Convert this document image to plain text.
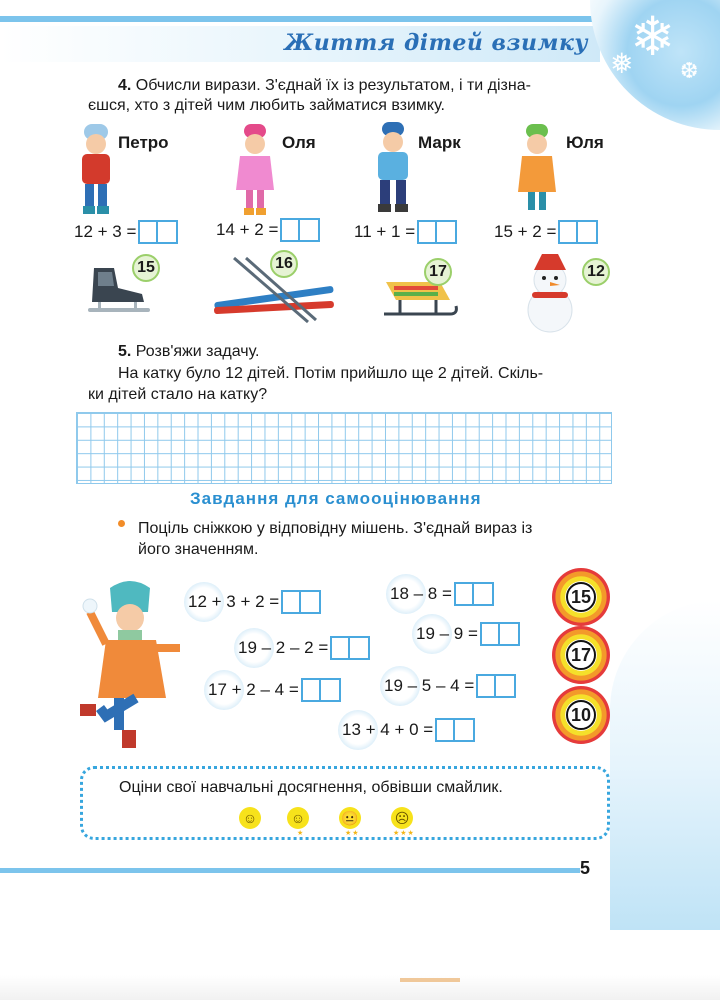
Життя дітей взимку ❄
❅ ❆
4. Обчисли вирази. З'єднай їх із результатом, і ти дізна-
єшся, хто з дітей чим любить займатися взимку.
Петро	Оля	Марк	Юля
12 + 3 =	14 + 2 =	11 + 1 =	15 + 2 =
15	16	17	12
5. Розв'яжи задачу.
На катку було 12 дітей. Потім прийшло ще 2 дітей. Скіль-
ки дітей стало на катку?
Завдання для самооцінювання
Поціль сніжкою у відповідну мішень. З'єднай вираз із
його значенням.
12 + 3 + 2 =	18 – 8 =
19 – 2 – 2 =
19 – 9 =
17 + 2 – 4 =	19 – 5 – 4 =
13 + 4 + 0 =
15
17
10
Оціни свої навчальні досягнення, обвівши смайлик.
☺ ☺	😐	☹
★	★★	★★★
5
